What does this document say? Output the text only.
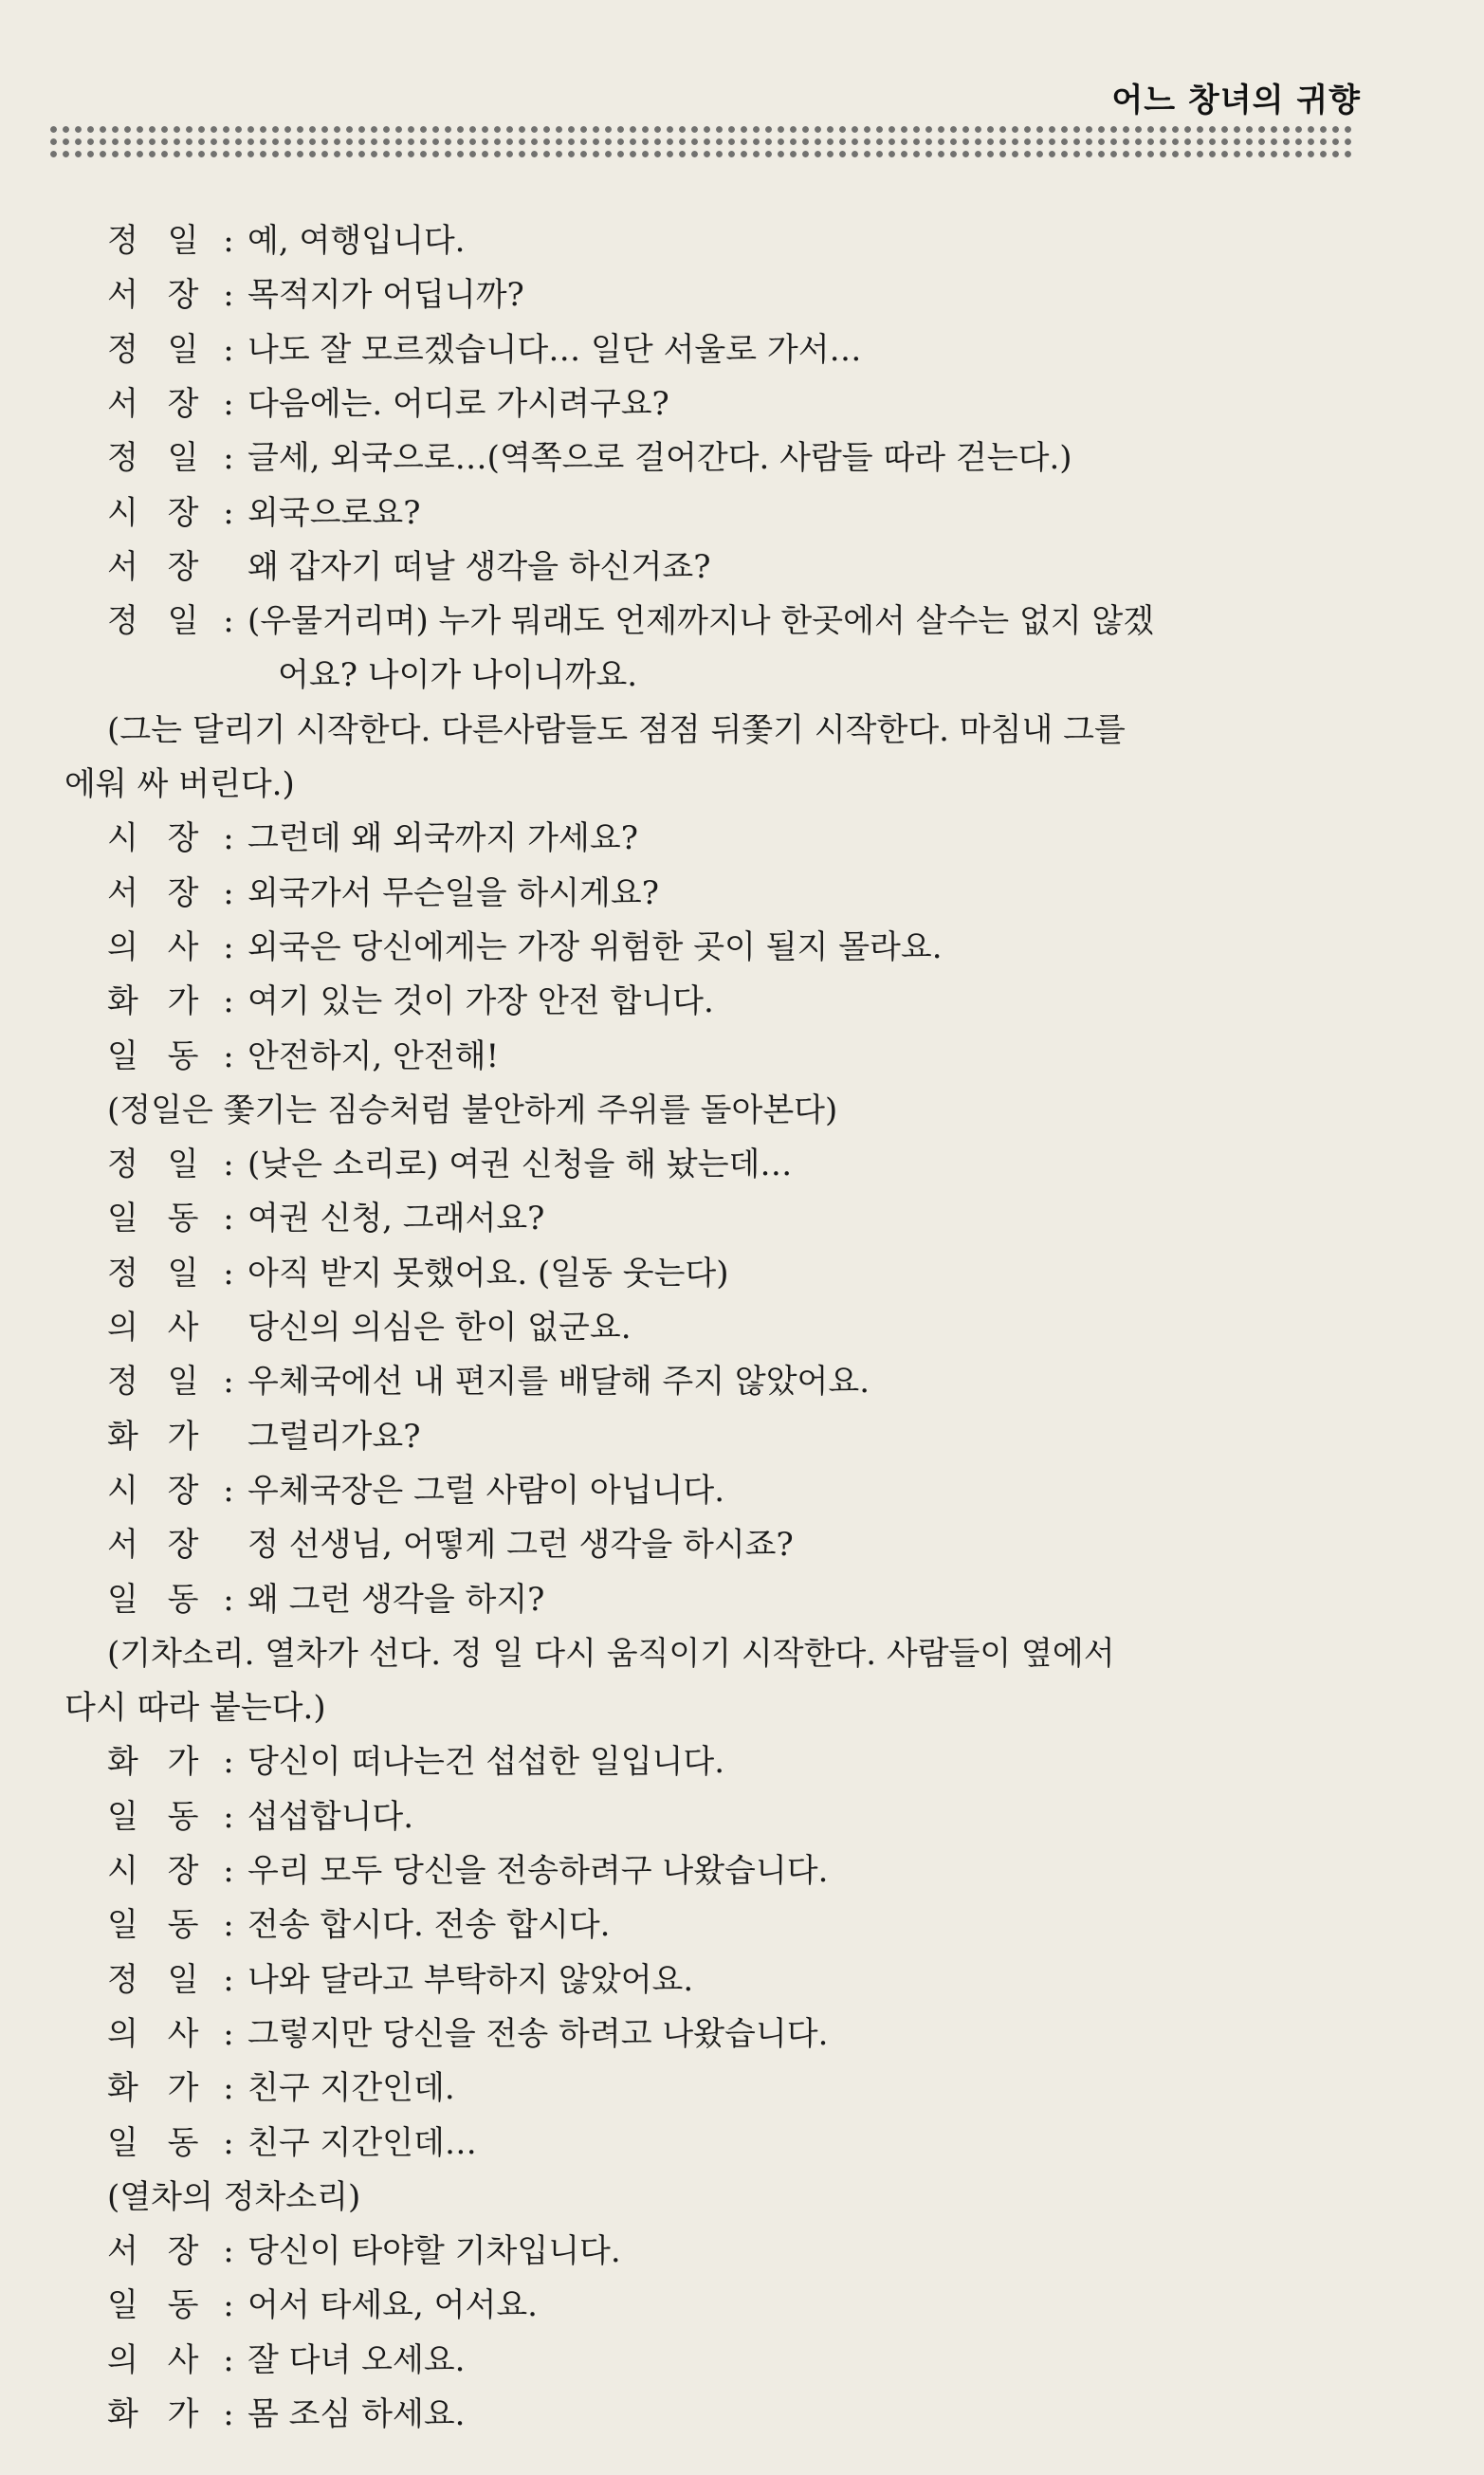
어느 창녀의 귀향
정 일 : 예, 여행입니다.
서 장 : 목적지가 어딥니까?
정 일 : 나도 잘 모르겠습니다… 일단 서울로 가서…
서 장 : 다음에는. 어디로 가시려구요?
정 일 : 글세, 외국으로…(역쪽으로 걸어간다. 사람들 따라 걷는다.)
시 장 : 외국으로요?
서 장 왜 갑자기 떠날 생각을 하신거죠?
정 일 : (우물거리며) 누가 뭐래도 언제까지나 한곳에서 살수는 없지 않겠
어요? 나이가 나이니까요.
(그는 달리기 시작한다. 다른사람들도 점점 뒤쫓기 시작한다. 마침내 그를
에워 싸 버린다.)
시 장 : 그런데 왜 외국까지 가세요?
서 장 : 외국가서 무슨일을 하시게요?
의 사 : 외국은 당신에게는 가장 위험한 곳이 될지 몰라요.
화 가 : 여기 있는 것이 가장 안전 합니다.
일 동 : 안전하지, 안전해!
(정일은 쫓기는 짐승처럼 불안하게 주위를 돌아본다)
정 일 : (낮은 소리로) 여권 신청을 해 놨는데…
일 동 : 여권 신청, 그래서요?
정 일 : 아직 받지 못했어요. (일동 웃는다)
의 사 당신의 의심은 한이 없군요.
정 일 : 우체국에선 내 편지를 배달해 주지 않았어요.
화 가 그럴리가요?
시 장 : 우체국장은 그럴 사람이 아닙니다.
서 장 정 선생님, 어떻게 그런 생각을 하시죠?
일 동 : 왜 그런 생각을 하지?
(기차소리. 열차가 선다. 정 일 다시 움직이기 시작한다. 사람들이 옆에서
다시 따라 붙는다.)
화 가 : 당신이 떠나는건 섭섭한 일입니다.
일 동 : 섭섭합니다.
시 장 : 우리 모두 당신을 전송하려구 나왔습니다.
일 동 : 전송 합시다. 전송 합시다.
정 일 : 나와 달라고 부탁하지 않았어요.
의 사 : 그렇지만 당신을 전송 하려고 나왔습니다.
화 가 : 친구 지간인데.
일 동 : 친구 지간인데…
(열차의 정차소리)
서 장 : 당신이 타야할 기차입니다.
일 동 : 어서 타세요, 어서요.
의 사 : 잘 다녀 오세요.
화 가 : 몸 조심 하세요.
